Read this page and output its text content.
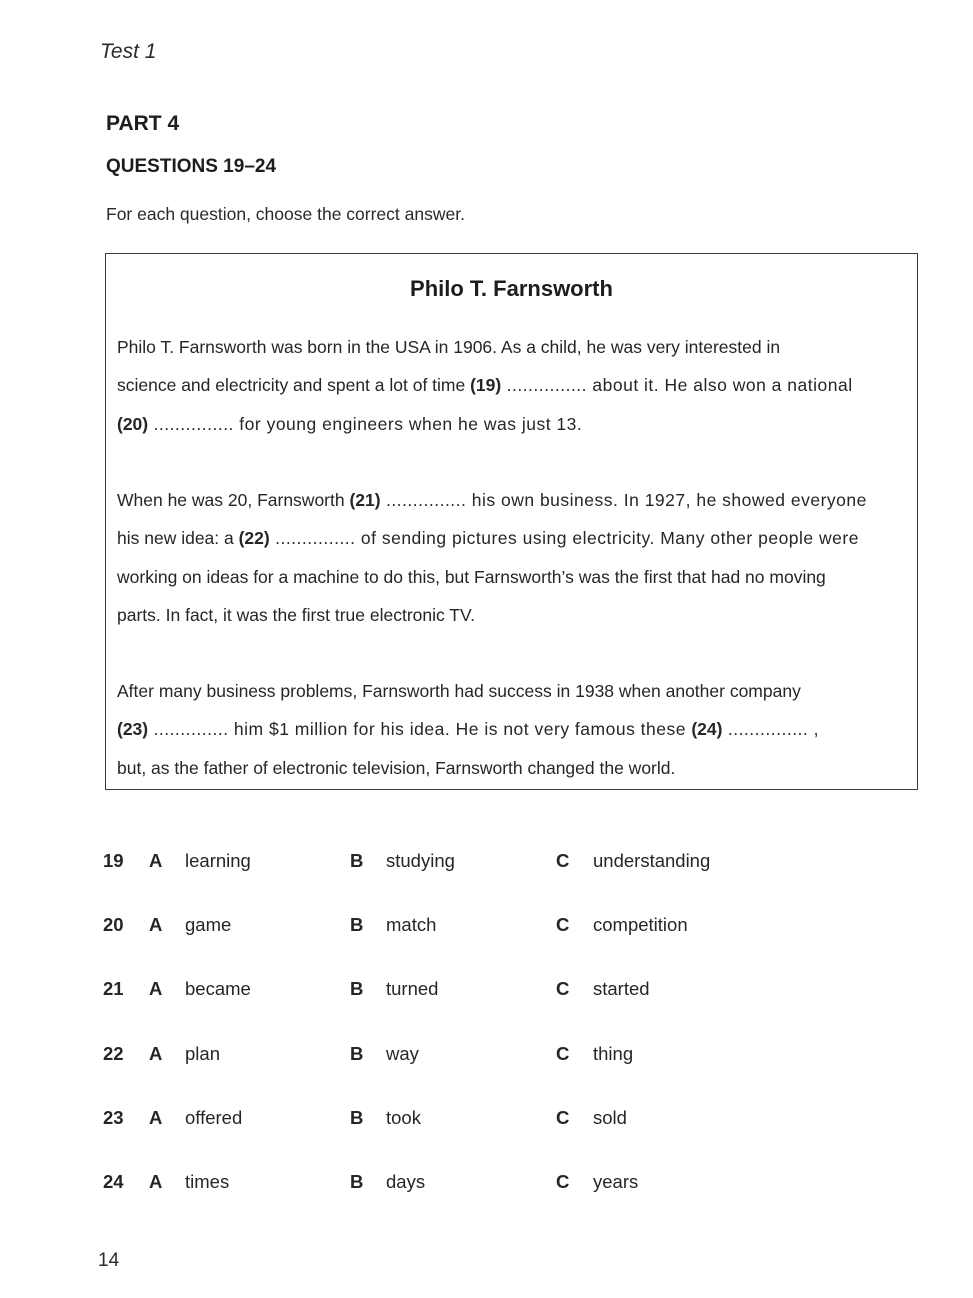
Test 1
PART 4
QUESTIONS 19–24
For each question, choose the correct answer.
Philo T. Farnsworth
Philo T. Farnsworth was born in the USA in 1906. As a child, he was very interested in
science and electricity and spent a lot of time (19) ............... about it. He also won a national
(20) ............... for young engineers when he was just 13.
When he was 20, Farnsworth (21) ............... his own business. In 1927, he showed everyone
his new idea: a (22) ............... of sending pictures using electricity. Many other people were
working on ideas for a machine to do this, but Farnsworth’s was the first that had no moving
parts. In fact, it was the first true electronic TV.
After many business problems, Farnsworth had success in 1938 when another company
(23) .............. him $1 million for his idea. He is not very famous these (24) ............... ,
but, as the father of electronic television, Farnsworth changed the world.
19 A learning	B studying	C understanding
20 A game	B match	C competition
21 A became	B turned	C started
22 A plan	B way	C thing
23 A offered	B took	C sold
24 A times	B days	C years
14
